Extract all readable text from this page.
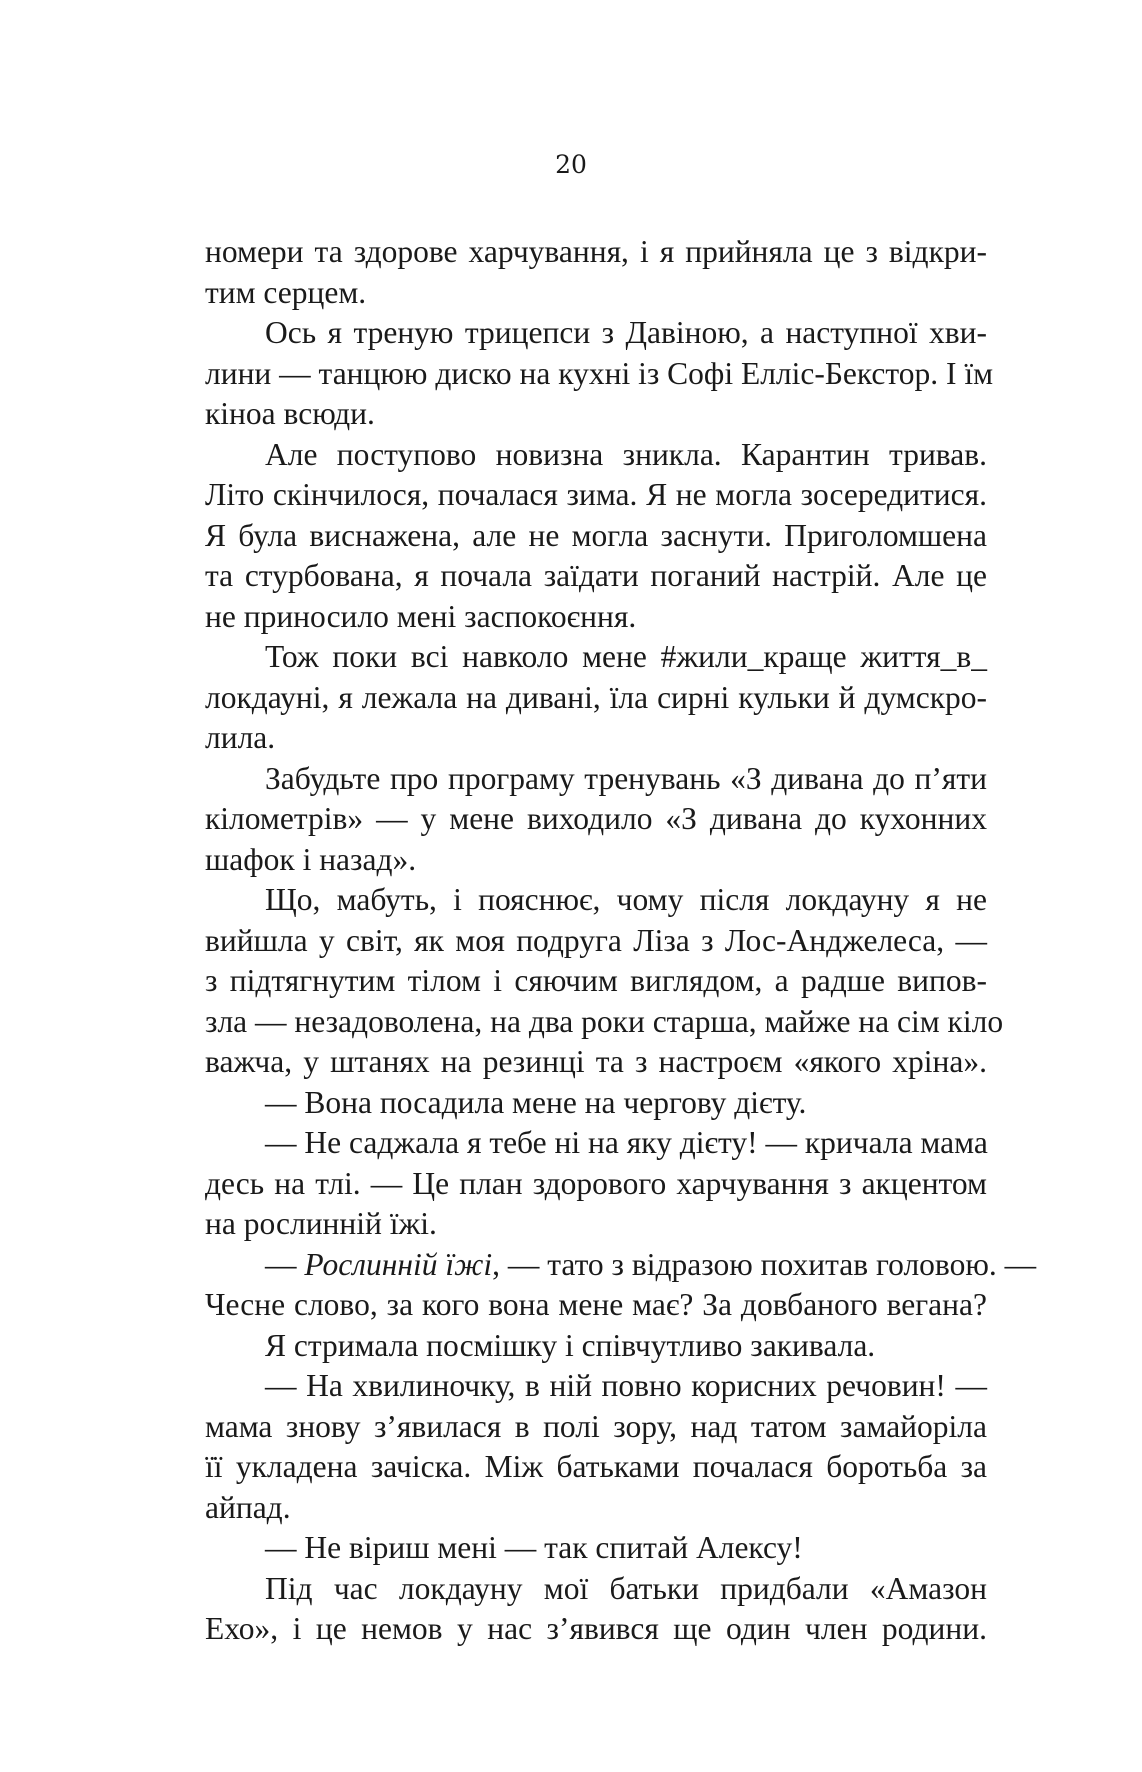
20
номери та здорове харчування, і я прийняла це з відкри-
тим серцем.
Ось я треную трицепси з Давіною, а наступної хви-
лини — танцюю диско на кухні із Софі Елліс-Бекстор. І їм
кіноа всюди.
Але поступово новизна зникла. Карантин тривав.
Літо скінчилося, почалася зима. Я не могла зосередитися.
Я була виснажена, але не могла заснути. Приголомшена
та стурбована, я почала заїдати поганий настрій. Але це
не приносило мені заспокоєння.
Тож поки всі навколо мене #жили_краще життя_в_
локдауні, я лежала на дивані, їла сирні кульки й думскро-
лила.
Забудьте про програму тренувань «З дивана до п’яти
кілометрів» — у мене виходило «З дивана до кухонних
шафок і назад».
Що, мабуть, і пояснює, чому після локдауну я не
вийшла у світ, як моя подруга Ліза з Лос-Анджелеса, —
з підтягнутим тілом і сяючим виглядом, а радше випов-
зла — незадоволена, на два роки старша, майже на сім кіло
важча, у штанях на резинці та з настроєм «якого хріна».
— Вона посадила мене на чергову дієту.
— Не саджала я тебе ні на яку дієту! — кричала мама
десь на тлі. — Це план здорового харчування з акцентом
на рослинній їжі.
— Рослинній їжі, — тато з відразою похитав головою. —
Чесне слово, за кого вона мене має? За довбаного вегана?
Я стримала посмішку і співчутливо закивала.
— На хвилиночку, в ній повно корисних речовин! —
мама знову з’явилася в полі зору, над татом замайоріла
її укладена зачіска. Між батьками почалася боротьба за
айпад.
— Не віриш мені — так спитай Алексу!
Під час локдауну мої батьки придбали «Амазон
Ехо», і це немов у нас з’явився ще один член родини.
